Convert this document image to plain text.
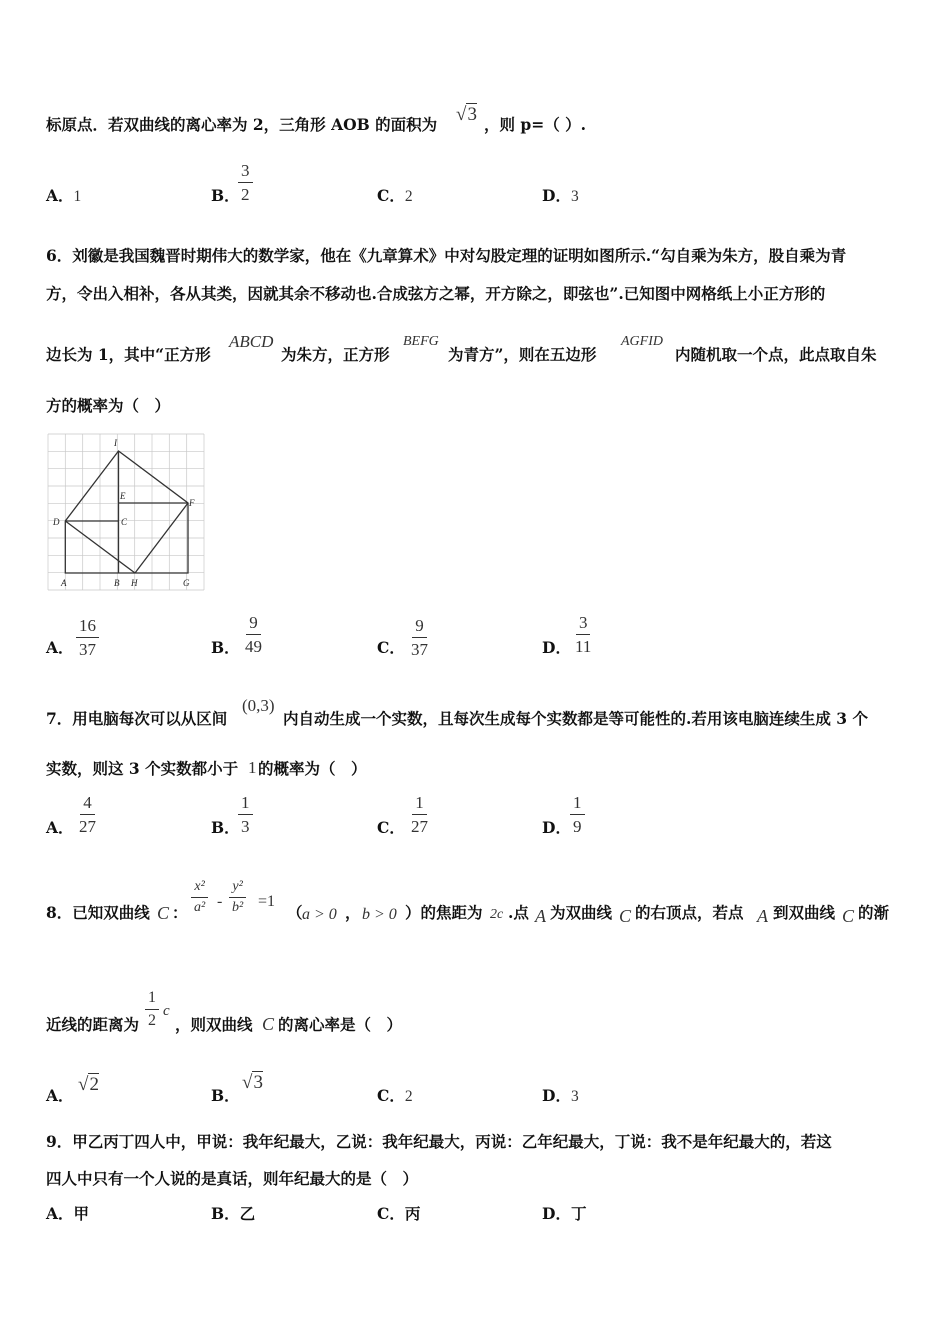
标原点．若双曲线的离心率为 2，三角形 AOB 的面积为 √3 ，则 p=（ ）.
A．1	B．
$\frac{3}{2}$	C．2	D．3
6．刘徽是我国魏晋时期伟大的数学家，他在《九章算术》中对勾股定理的证明如图所示.“勾自乘为朱方，股自乘为青
方，令出入相补，各从其类，因就其余不移动也.合成弦方之幂，开方除之，即弦也”.已知图中网格纸上小正方形的
边长为 1，其中“正方形
ABCD
为朱方，正方形
BEFG
为青方”，则在五边形
AGFID
内随机取一个点，此点取自朱
方的概率为（　）
I
E
F
D	C
A	B H	G
A． $\frac{16}{37}$	B． $\frac{9}{49}$	C． $\frac{9}{37}$	D． $\frac{3}{11}$
7．用电脑每次可以从区间
(0,3)
内自动生成一个实数，且每次生成每个实数都是等可能性的.若用该电脑连续生成 3 个
实数，则这 3 个实数都小于 1 的概率为（　）
A． $\frac{4}{27}$	B．
$\frac{1}{3}$	C． $\frac{1}{27}$	D． $\frac{1}{9}$
8．已知双曲线 C ： $\frac{\text{x²}}{\text{a²}} - \frac{\text{y²}}{\text{b²}} =1$
（ a > 0 ， b > 0 ）的焦距为 2c .点 A 为双曲线 C 的右顶点，若点 A 到双曲线 C 的渐
近线的距离为 $\frac{1}{2}$ c
，则双曲线 C 的离心率是（　）
A．
√2
B．
√3
C．2	D．3
9．甲乙丙丁四人中，甲说：我年纪最大，乙说：我年纪最大，丙说：乙年纪最大，丁说：我不是年纪最大的，若这
四人中只有一个人说的是真话，则年纪最大的是（　）
A．甲	B．乙	C．丙	D．丁
